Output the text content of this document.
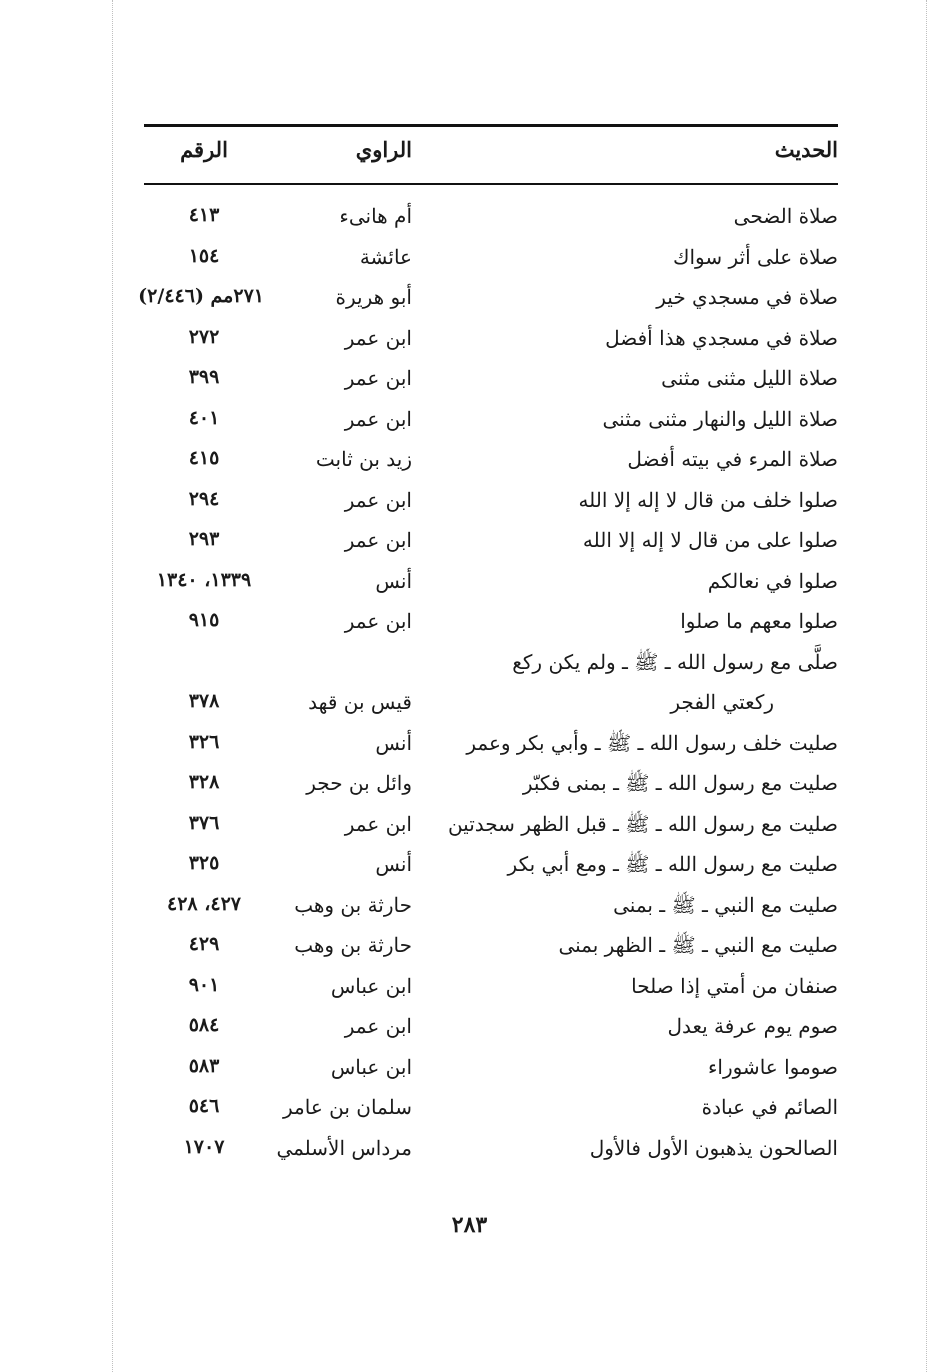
الحديث
الراوي
الرقم
صلاة الضحى
أم هانىء
٤١٣
صلاة على أثر سواك
عائشة
١٥٤
صلاة في مسجدي خير
أبو هريرة
٢٧١مم (٢/٤٤٦)
صلاة في مسجدي هذا أفضل
ابن عمر
٢٧٢
صلاة الليل مثنى مثنى
ابن عمر
٣٩٩
صلاة الليل والنهار مثنى مثنى
ابن عمر
٤٠١
صلاة المرء في بيته أفضل
زيد بن ثابت
٤١٥
صلوا خلف من قال لا إله إلا الله
ابن عمر
٢٩٤
صلوا على من قال لا إله إلا الله
ابن عمر
٢٩٣
صلوا في نعالكم
أنس
١٣٣٩، ١٣٤٠
صلوا معهم ما صلوا
ابن عمر
٩١٥
صلَّى مع رسول الله ـ ﷺ ـ ولم يكن ركع
ركعتي الفجر
قيس بن قهد
٣٧٨
صليت خلف رسول الله ـ ﷺ ـ وأبي بكر وعمر
أنس
٣٢٦
صليت مع رسول الله ـ ﷺ ـ بمنى فكبّر
وائل بن حجر
٣٢٨
صليت مع رسول الله ـ ﷺ ـ قبل الظهر سجدتين
ابن عمر
٣٧٦
صليت مع رسول الله ـ ﷺ ـ ومع أبي بكر
أنس
٣٢٥
صليت مع النبي ـ ﷺ ـ بمنى
حارثة بن وهب
٤٢٧، ٤٢٨
صليت مع النبي ـ ﷺ ـ الظهر بمنى
حارثة بن وهب
٤٢٩
صنفان من أمتي إذا صلحا
ابن عباس
٩٠١
صوم يوم عرفة يعدل
ابن عمر
٥٨٤
صوموا عاشوراء
ابن عباس
٥٨٣
الصائم في عبادة
سلمان بن عامر
٥٤٦
الصالحون يذهبون الأول فالأول
مرداس الأسلمي
١٧٠٧
٢٨٣
